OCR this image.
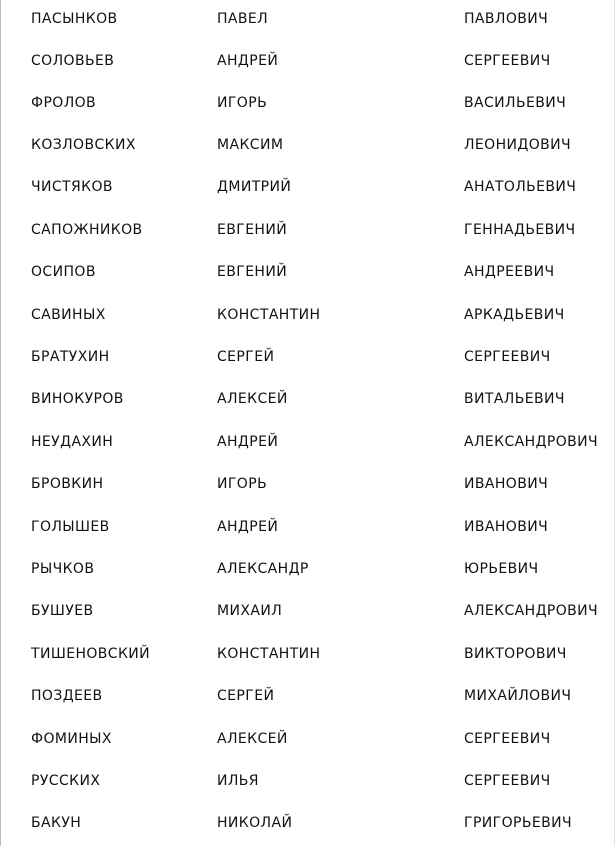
ПАСЫНКОВ	ПАВЕЛ	ПАВЛОВИЧ
СОЛОВЬЕВ	АНДРЕЙ	СЕРГЕЕВИЧ
ФРОЛОВ	ИГОРЬ	ВАСИЛЬЕВИЧ
КОЗЛОВСКИХ	МАКСИМ	ЛЕОНИДОВИЧ
ЧИСТЯКОВ	ДМИТРИЙ	АНАТОЛЬЕВИЧ
САПОЖНИКОВ	ЕВГЕНИЙ	ГЕННАДЬЕВИЧ
ОСИПОВ	ЕВГЕНИЙ	АНДРЕЕВИЧ
САВИНЫХ	КОНСТАНТИН	АРКАДЬЕВИЧ
БРАТУХИН	СЕРГЕЙ	СЕРГЕЕВИЧ
ВИНОКУРОВ	АЛЕКСЕЙ	ВИТАЛЬЕВИЧ
НЕУДАХИН	АНДРЕЙ	АЛЕКСАНДРОВИЧ
БРОВКИН	ИГОРЬ	ИВАНОВИЧ
ГОЛЫШЕВ	АНДРЕЙ	ИВАНОВИЧ
РЫЧКОВ	АЛЕКСАНДР	ЮРЬЕВИЧ
БУШУЕВ	МИХАИЛ	АЛЕКСАНДРОВИЧ
ТИШЕНОВСКИЙ	КОНСТАНТИН	ВИКТОРОВИЧ
ПОЗДЕЕВ	СЕРГЕЙ	МИХАЙЛОВИЧ
ФОМИНЫХ	АЛЕКСЕЙ	СЕРГЕЕВИЧ
РУССКИХ	ИЛЬЯ	СЕРГЕЕВИЧ
БАКУН	НИКОЛАЙ	ГРИГОРЬЕВИЧ
